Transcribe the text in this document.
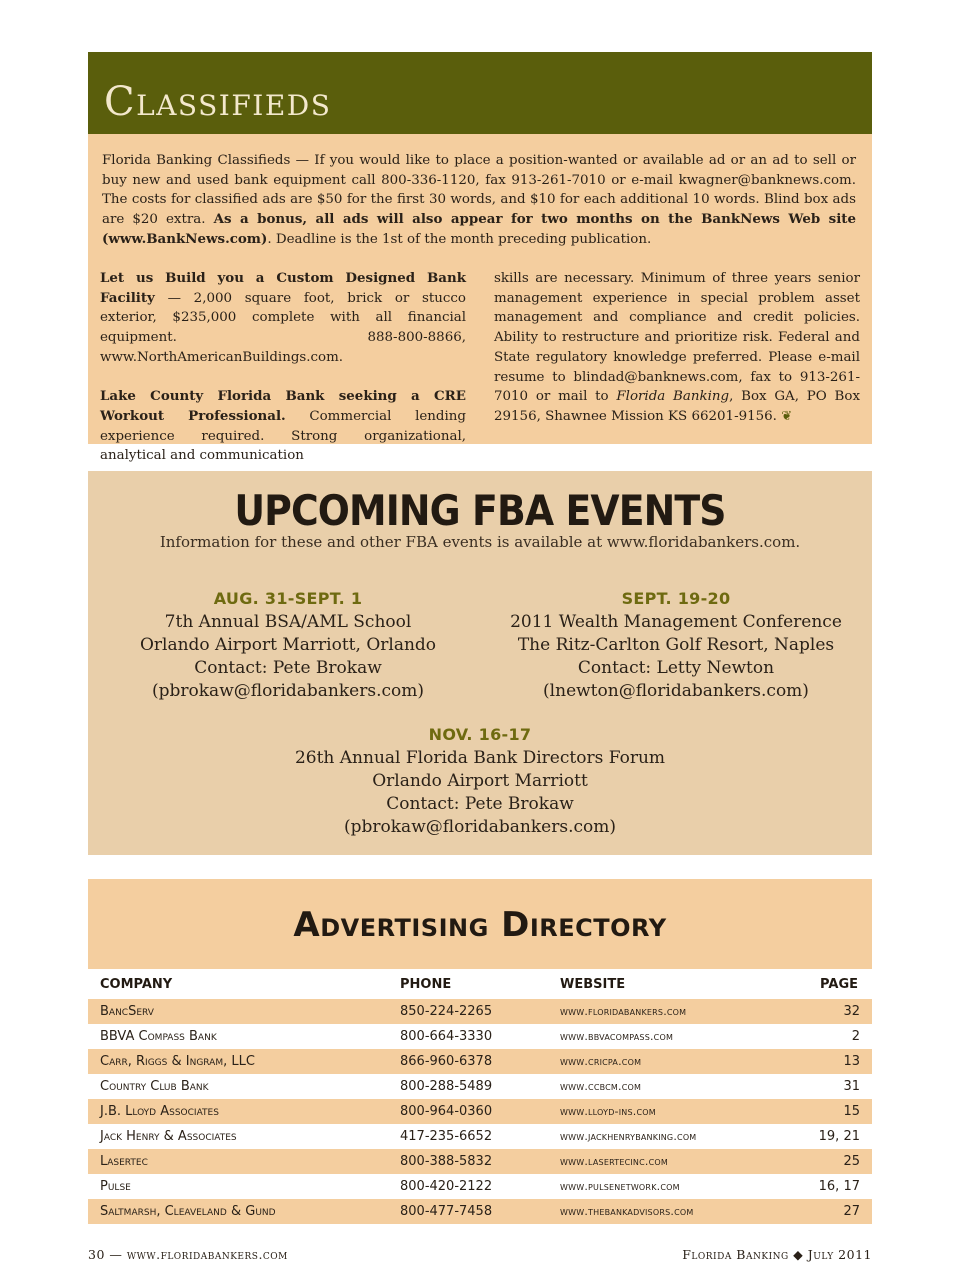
Classifieds

Florida Banking Classifieds — If you would like to place a position-wanted or available ad or an ad to sell or buy new and used bank equipment call 800-336-1120, fax 913-261-7010 or e-mail kwagner@banknews.com. The costs for classified ads are $50 for the first 30 words, and $10 for each additional 10 words. Blind box ads are $20 extra. As a bonus, all ads will also appear for two months on the BankNews Web site (www.BankNews.com). Deadline is the 1st of the month preceding publication.

Let us Build you a Custom Designed Bank Facility — 2,000 square foot, brick or stucco exterior, $235,000 complete with all financial equipment. 888-800-8866, www.NorthAmericanBuildings.com.

Lake County Florida Bank seeking a CRE Workout Professional. Commercial lending experience required. Strong organizational, analytical and communication

skills are necessary. Minimum of three years senior management experience in special problem asset management and compliance and credit policies. Ability to restructure and prioritize risk. Federal and State regulatory knowledge preferred. Please e-mail resume to blindad@banknews.com, fax to 913-261-7010 or mail to Florida Banking, Box GA, PO Box 29156, Shawnee Mission KS 66201-9156. ❦

UPCOMING FBA EVENTS
Information for these and other FBA events is available at www.floridabankers.com.
AUG. 31-SEPT. 1
7th Annual BSA/AML School
Orlando Airport Marriott, Orlando
Contact: Pete Brokaw
(pbrokaw@floridabankers.com)
SEPT. 19-20
2011 Wealth Management Conference
The Ritz-Carlton Golf Resort, Naples
Contact: Letty Newton
(lnewton@floridabankers.com)
NOV. 16-17
26th Annual Florida Bank Directors Forum
Orlando Airport Marriott
Contact: Pete Brokaw
(pbrokaw@floridabankers.com)
Advertising Directory
COMPANY	PHONE	WEBSITE	PAGE
BancServ	850-224-2265	www.floridabankers.com	32
BBVA Compass Bank	800-664-3330	www.bbvacompass.com	2
Carr, Riggs & Ingram, LLC	866-960-6378	www.cricpa.com	13
Country Club Bank	800-288-5489	www.ccbcm.com	31
J.B. Lloyd Associates	800-964-0360	www.lloyd-ins.com	15
Jack Henry & Associates	417-235-6652	www.jackhenrybanking.com	19, 21
Lasertec	800-388-5832	www.lasertecinc.com	25
Pulse	800-420-2122	www.pulsenetwork.com	16, 17
Saltmarsh, Cleaveland & Gund	800-477-7458	www.thebankadvisors.com	27
30 — www.floridabankers.com	Florida Banking ◆ July 2011
